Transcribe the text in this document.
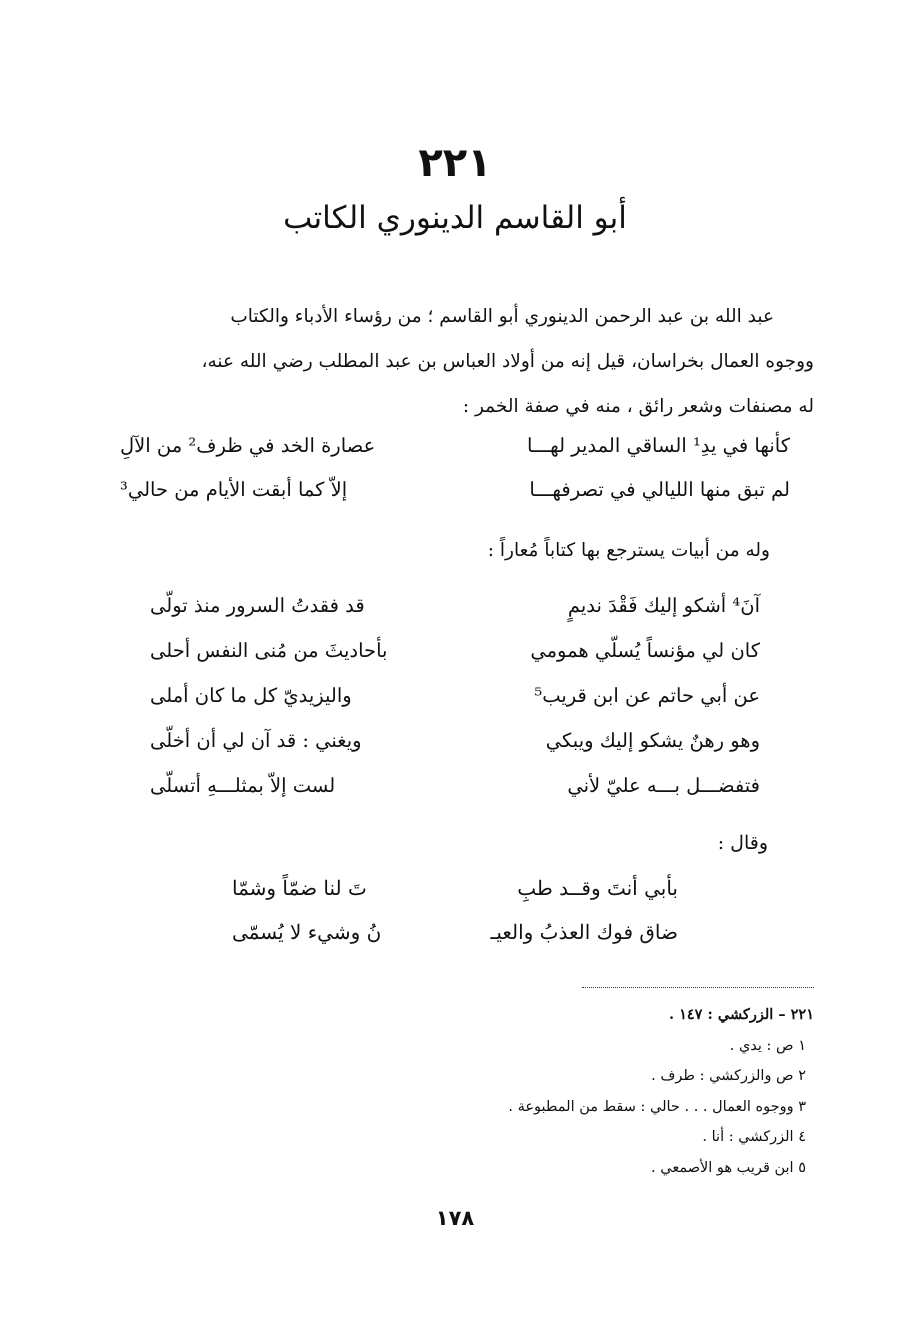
٢٢١
أبو القاسم الدينوري الكاتب

عبد الله بن عبد الرحمن الدينوري أبو القاسم ؛ من رؤساء الأدباء والكتاب

ووجوه العمال بخراسان، قيل إنه من أولاد العباس بن عبد المطلب رضي الله عنه،

له مصنفات وشعر رائق ، منه في صفة الخمر :

كأنها في يدِ¹ الساقي المدير لهـــا
عصارة الخد في ظرف² من الآلِ
لم تبق منها الليالي في تصرفهـــا
إلاّ كما أبقت الأيام من حالي³
وله من أبيات يسترجع بها كتاباً مُعاراً :
آنَ⁴ أشكو إليك فَقْدَ نديمٍ
قد فقدتُ السرور منذ تولّى
كان لي مؤنساً يُسلّي همومي
بأحاديثَ من مُنى النفس أحلى
عن أبي حاتم عن ابن قريب⁵
واليزيديّ كل ما كان أملى
وهو رهنٌ يشكو إليك ويبكي
ويغني : قد آن لي أن أخلّى
فتفضـــل بـــه عليّ لأني
لست إلاّ بمثلـــهِ أتسلّى
وقال :
بأبي أنتَ وقــد طبِ
تَ لنا ضمّاً وشمّا
ضاق فوك العذبُ والعيـ
نُ وشيء لا يُسمّى
٢٢١ – الزركشي : ١٤٧ .
١ ص : يدي .
٢ ص والزركشي : طرف .
٣ ووجوه العمال . . . حالي : سقط من المطبوعة .
٤ الزركشي : أنا .
٥ ابن قريب هو الأصمعي .
١٧٨
